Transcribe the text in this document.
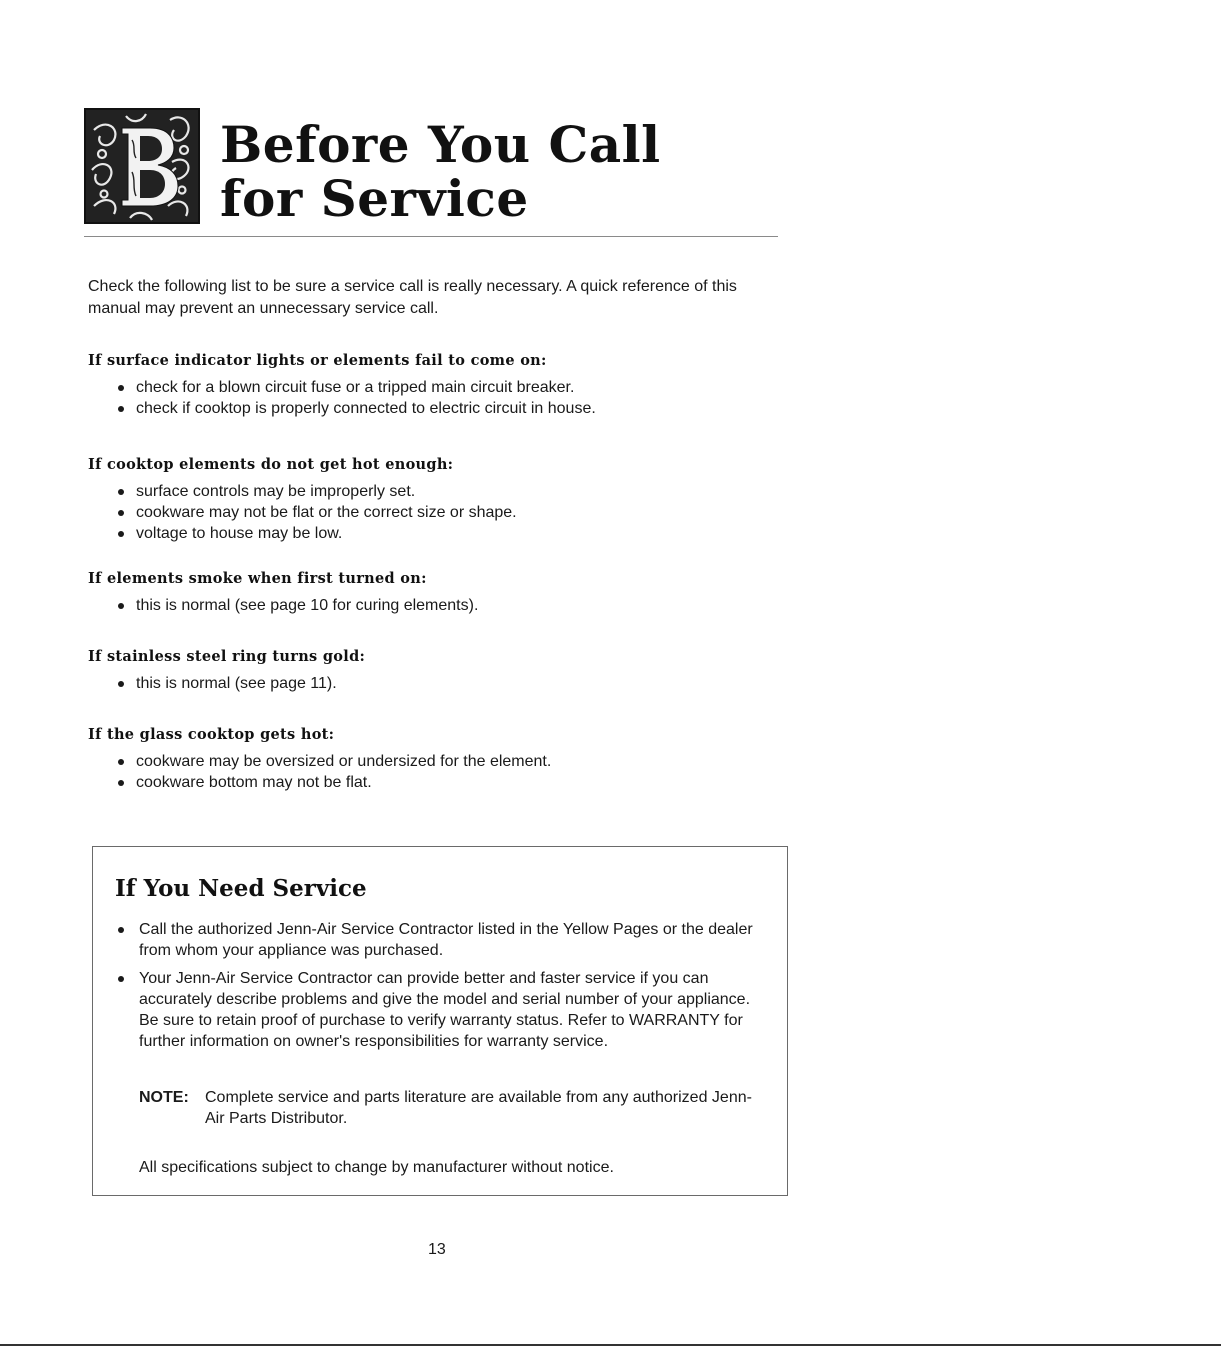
Before You Call
for Service

Check the following list to be sure a service call is really necessary. A quick reference of this manual may prevent an unnecessary service call.

If surface indicator lights or elements fail to come on:
check for a blown circuit fuse or a tripped main circuit breaker.
check if cooktop is properly connected to electric circuit in house.
If cooktop elements do not get hot enough:
surface controls may be improperly set.
cookware may not be flat or the correct size or shape.
voltage to house may be low.
If elements smoke when first turned on:
this is normal (see page 10 for curing elements).
If stainless steel ring turns gold:
this is normal (see page 11).
If the glass cooktop gets hot:
cookware may be oversized or undersized for the element.
cookware bottom may not be flat.
If You Need Service
Call the authorized Jenn-Air Service Contractor listed in the Yellow Pages or the dealer from whom your appliance was purchased.
Your Jenn-Air Service Contractor can provide better and faster service if you can accurately describe problems and give the model and serial number of your appliance. Be sure to retain proof of purchase to verify warranty status. Refer to WARRANTY for further information on owner's responsibilities for warranty service.
NOTE:	Complete service and parts literature are available from any authorized Jenn-Air Parts Distributor.

All specifications subject to change by manufacturer without notice.

13
